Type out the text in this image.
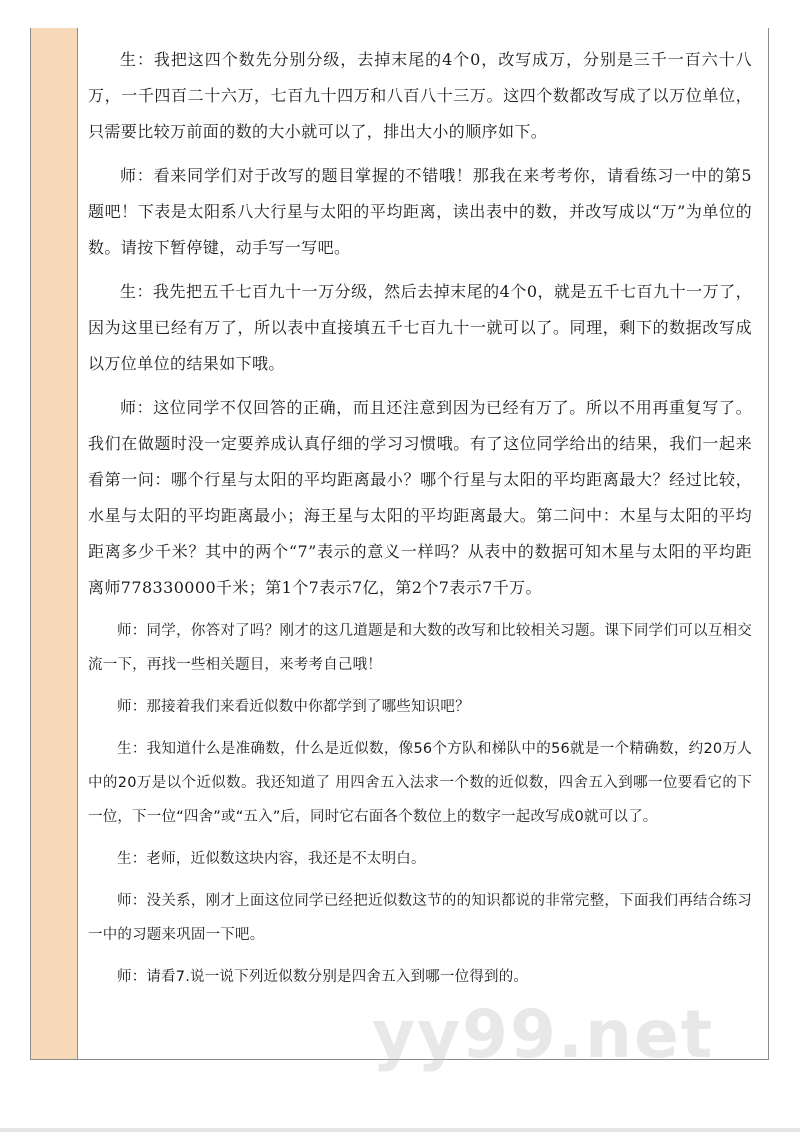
生：我把这四个数先分别分级，去掉末尾的4个0，改写成万，分别是三千一百六十八万，一千四百二十六万，七百九十四万和八百八十三万。这四个数都改写成了以万位单位，只需要比较万前面的数的大小就可以了，排出大小的顺序如下。

师：看来同学们对于改写的题目掌握的不错哦！那我在来考考你，请看练习一中的第5题吧！下表是太阳系八大行星与太阳的平均距离，读出表中的数，并改写成以“万”为单位的数。请按下暂停键，动手写一写吧。

生：我先把五千七百九十一万分级，然后去掉末尾的4个0，就是五千七百九十一万了，因为这里已经有万了，所以表中直接填五千七百九十一就可以了。同理，剩下的数据改写成以万位单位的结果如下哦。

师：这位同学不仅回答的正确，而且还注意到因为已经有万了。所以不用再重复写了。我们在做题时没一定要养成认真仔细的学习习惯哦。有了这位同学给出的结果，我们一起来看第一问：哪个行星与太阳的平均距离最小？哪个行星与太阳的平均距离最大？经过比较，水星与太阳的平均距离最小；海王星与太阳的平均距离最大。第二问中：木星与太阳的平均距离多少千米？其中的两个“7”表示的意义一样吗？从表中的数据可知木星与太阳的平均距离师778330000千米；第1个7表示7亿，第2个7表示7千万。

师：同学，你答对了吗？刚才的这几道题是和大数的改写和比较相关习题。课下同学们可以互相交流一下，再找一些相关题目，来考考自己哦！

师：那接着我们来看近似数中你都学到了哪些知识吧？

生：我知道什么是准确数，什么是近似数，像56个方队和梯队中的56就是一个精确数，约20万人中的20万是以个近似数。我还知道了 用四舍五入法求一个数的近似数，四舍五入到哪一位要看它的下一位，下一位“四舍”或“五入”后，同时它右面各个数位上的数字一起改写成0就可以了。

生：老师，近似数这块内容，我还是不太明白。

师：没关系，刚才上面这位同学已经把近似数这节的的知识都说的非常完整，下面我们再结合练习一中的习题来巩固一下吧。

师：请看7.说一说下列近似数分别是四舍五入到哪一位得到的。

yy99.net
